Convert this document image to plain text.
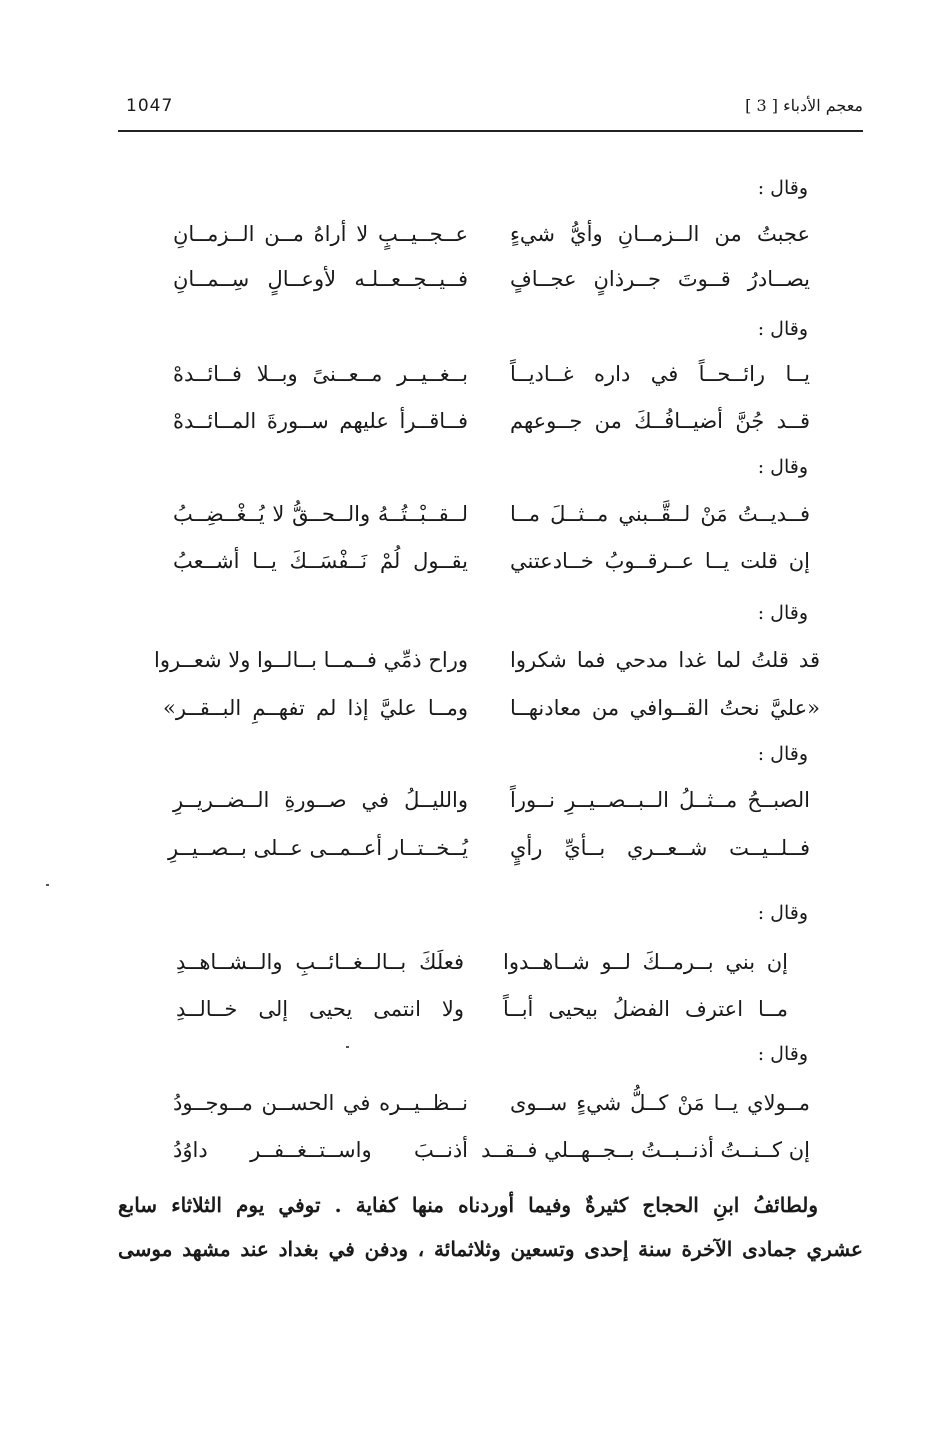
1047	معجم الأدباء [ 3 ]
وقال :
عجبتُ من الــزمــانِ وأيُّ شيءٍ
عــجــيــبٍ لا أراهُ مــن الــزمــانِ
يصــادرُ قــوتَ جــرذانٍ عجــافٍ
فــيــجــعــلـه لأوعــالٍ سِــمــانِ
وقال :
يــا رائــحــاً في داره غــاديــاً
بــغــيــر مــعــنىً وبــلا فــائــدهْ
قــد جُنَّ أضيــافُــكَ من جــوعهم
فــاقــرأ عليهم ســورةَ المــائــدهْ
وقال :
فــديــتُ مَنْ لــقَّــبني مــثــلَ مــا
لــقــبْــتُــهُ والــحــقُّ لا يُــغْــضِــبُ
إن قلت يــا عــرقــوبُ خــادعتني
يقــول لُمْ نَــفْسَــكَ يــا أشــعبُ
وقال :
قد قلتُ لما غدا مدحي فما شكروا
وراح ذمِّي فــمــا بــالــوا ولا شعــروا
«عليَّ نحتُ القــوافي من معادنهــا
ومــا عليَّ إذا لم تفهــمِ البــقــر»
وقال :
الصبــحُ مــثــلُ الــبــصــيــرِ نــوراً
والليــلُ في صــورةِ الــضــريــرِ
فــلــيــت شــعــري بــأيِّ رأيٍ
يُــخــتــار أعــمــى عــلى بــصــيــرِ
وقال :
إن بني بــرمــكَ لــو شــاهــدوا
فعلَكَ بــالــغــائــبِ والــشــاهــدِ
مــا اعترف الفضلُ بيحيى أبــاً
ولا انتمى يحيى إلى خــالــدِ
وقال :
مــولاي يــا مَنْ كــلُّ شيءٍ ســوى
نــظــيــره في الحســن مــوجــودُ
إن كــنــتُ أذنــبــتُ بــجــهــلي فــقــد
أذنــبَ واســتــغــفــر داوُدُ
ولطائفُ ابنِ الحجاج كثيرةٌ وفيما أوردناه منها كفاية . توفي يوم الثلاثاء سابع
عشري جمادى الآخرة سنة إحدى وتسعين وثلاثمائة ، ودفن في بغداد عند مشهد موسى
